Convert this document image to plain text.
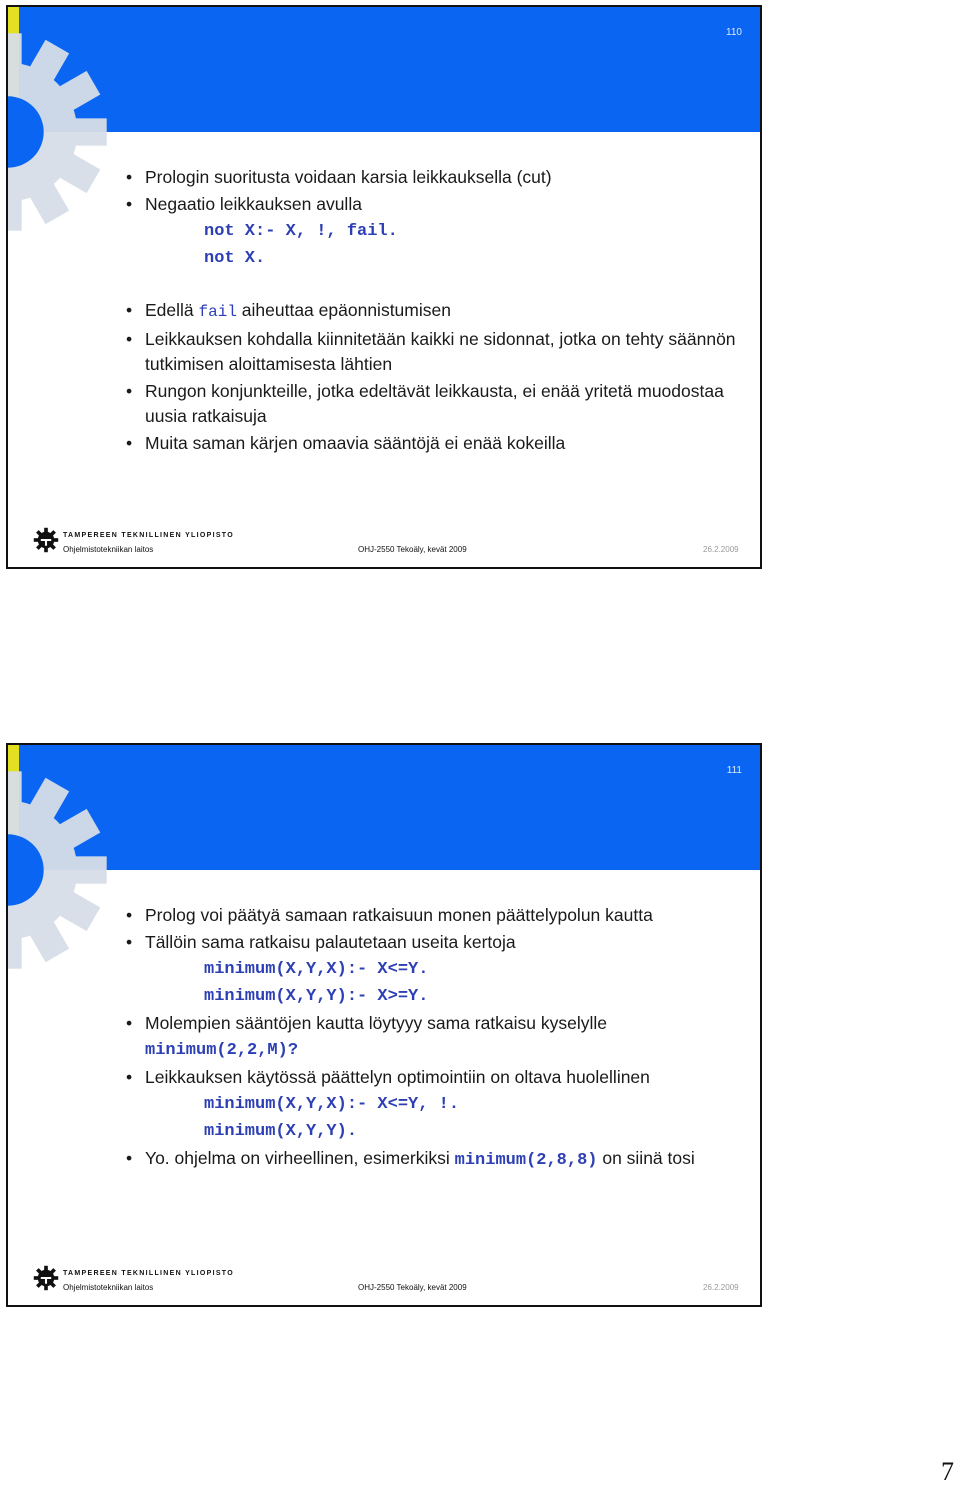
110
• Prologin suoritusta voidaan karsia leikkauksella (cut)
• Negaatio leikkauksen avulla
not X:- X, !, fail.
not X.
• Edellä fail aiheuttaa epäonnistumisen
• Leikkauksen kohdalla kiinnitetään kaikki ne sidonnat, jotka on tehty säännön tutkimisen aloittamisesta lähtien
• Rungon konjunkteille, jotka edeltävät leikkausta, ei enää yritetä muodostaa uusia ratkaisuja
• Muita saman kärjen omaavia sääntöjä ei enää kokeilla
TAMPEREEN TEKNILLINEN YLIOPISTO
Ohjelmistotekniikan laitos	OHJ-2550 Tekoäly, kevät 2009	26.2.2009
111
• Prolog voi päätyä samaan ratkaisuun monen päättelypolun kautta
• Tällöin sama ratkaisu palautetaan useita kertoja
minimum(X,Y,X):- X<=Y.
minimum(X,Y,Y):- X>=Y.
• Molempien sääntöjen kautta löytyyy sama ratkaisu kyselylle
minimum(2,2,M)?
• Leikkauksen käytössä päättelyn optimointiin on oltava huolellinen
minimum(X,Y,X):- X<=Y, !.
minimum(X,Y,Y).
• Yo. ohjelma on virheellinen, esimerkiksi minimum(2,8,8) on siinä tosi
TAMPEREEN TEKNILLINEN YLIOPISTO
Ohjelmistotekniikan laitos	OHJ-2550 Tekoäly, kevät 2009	26.2.2009
7
